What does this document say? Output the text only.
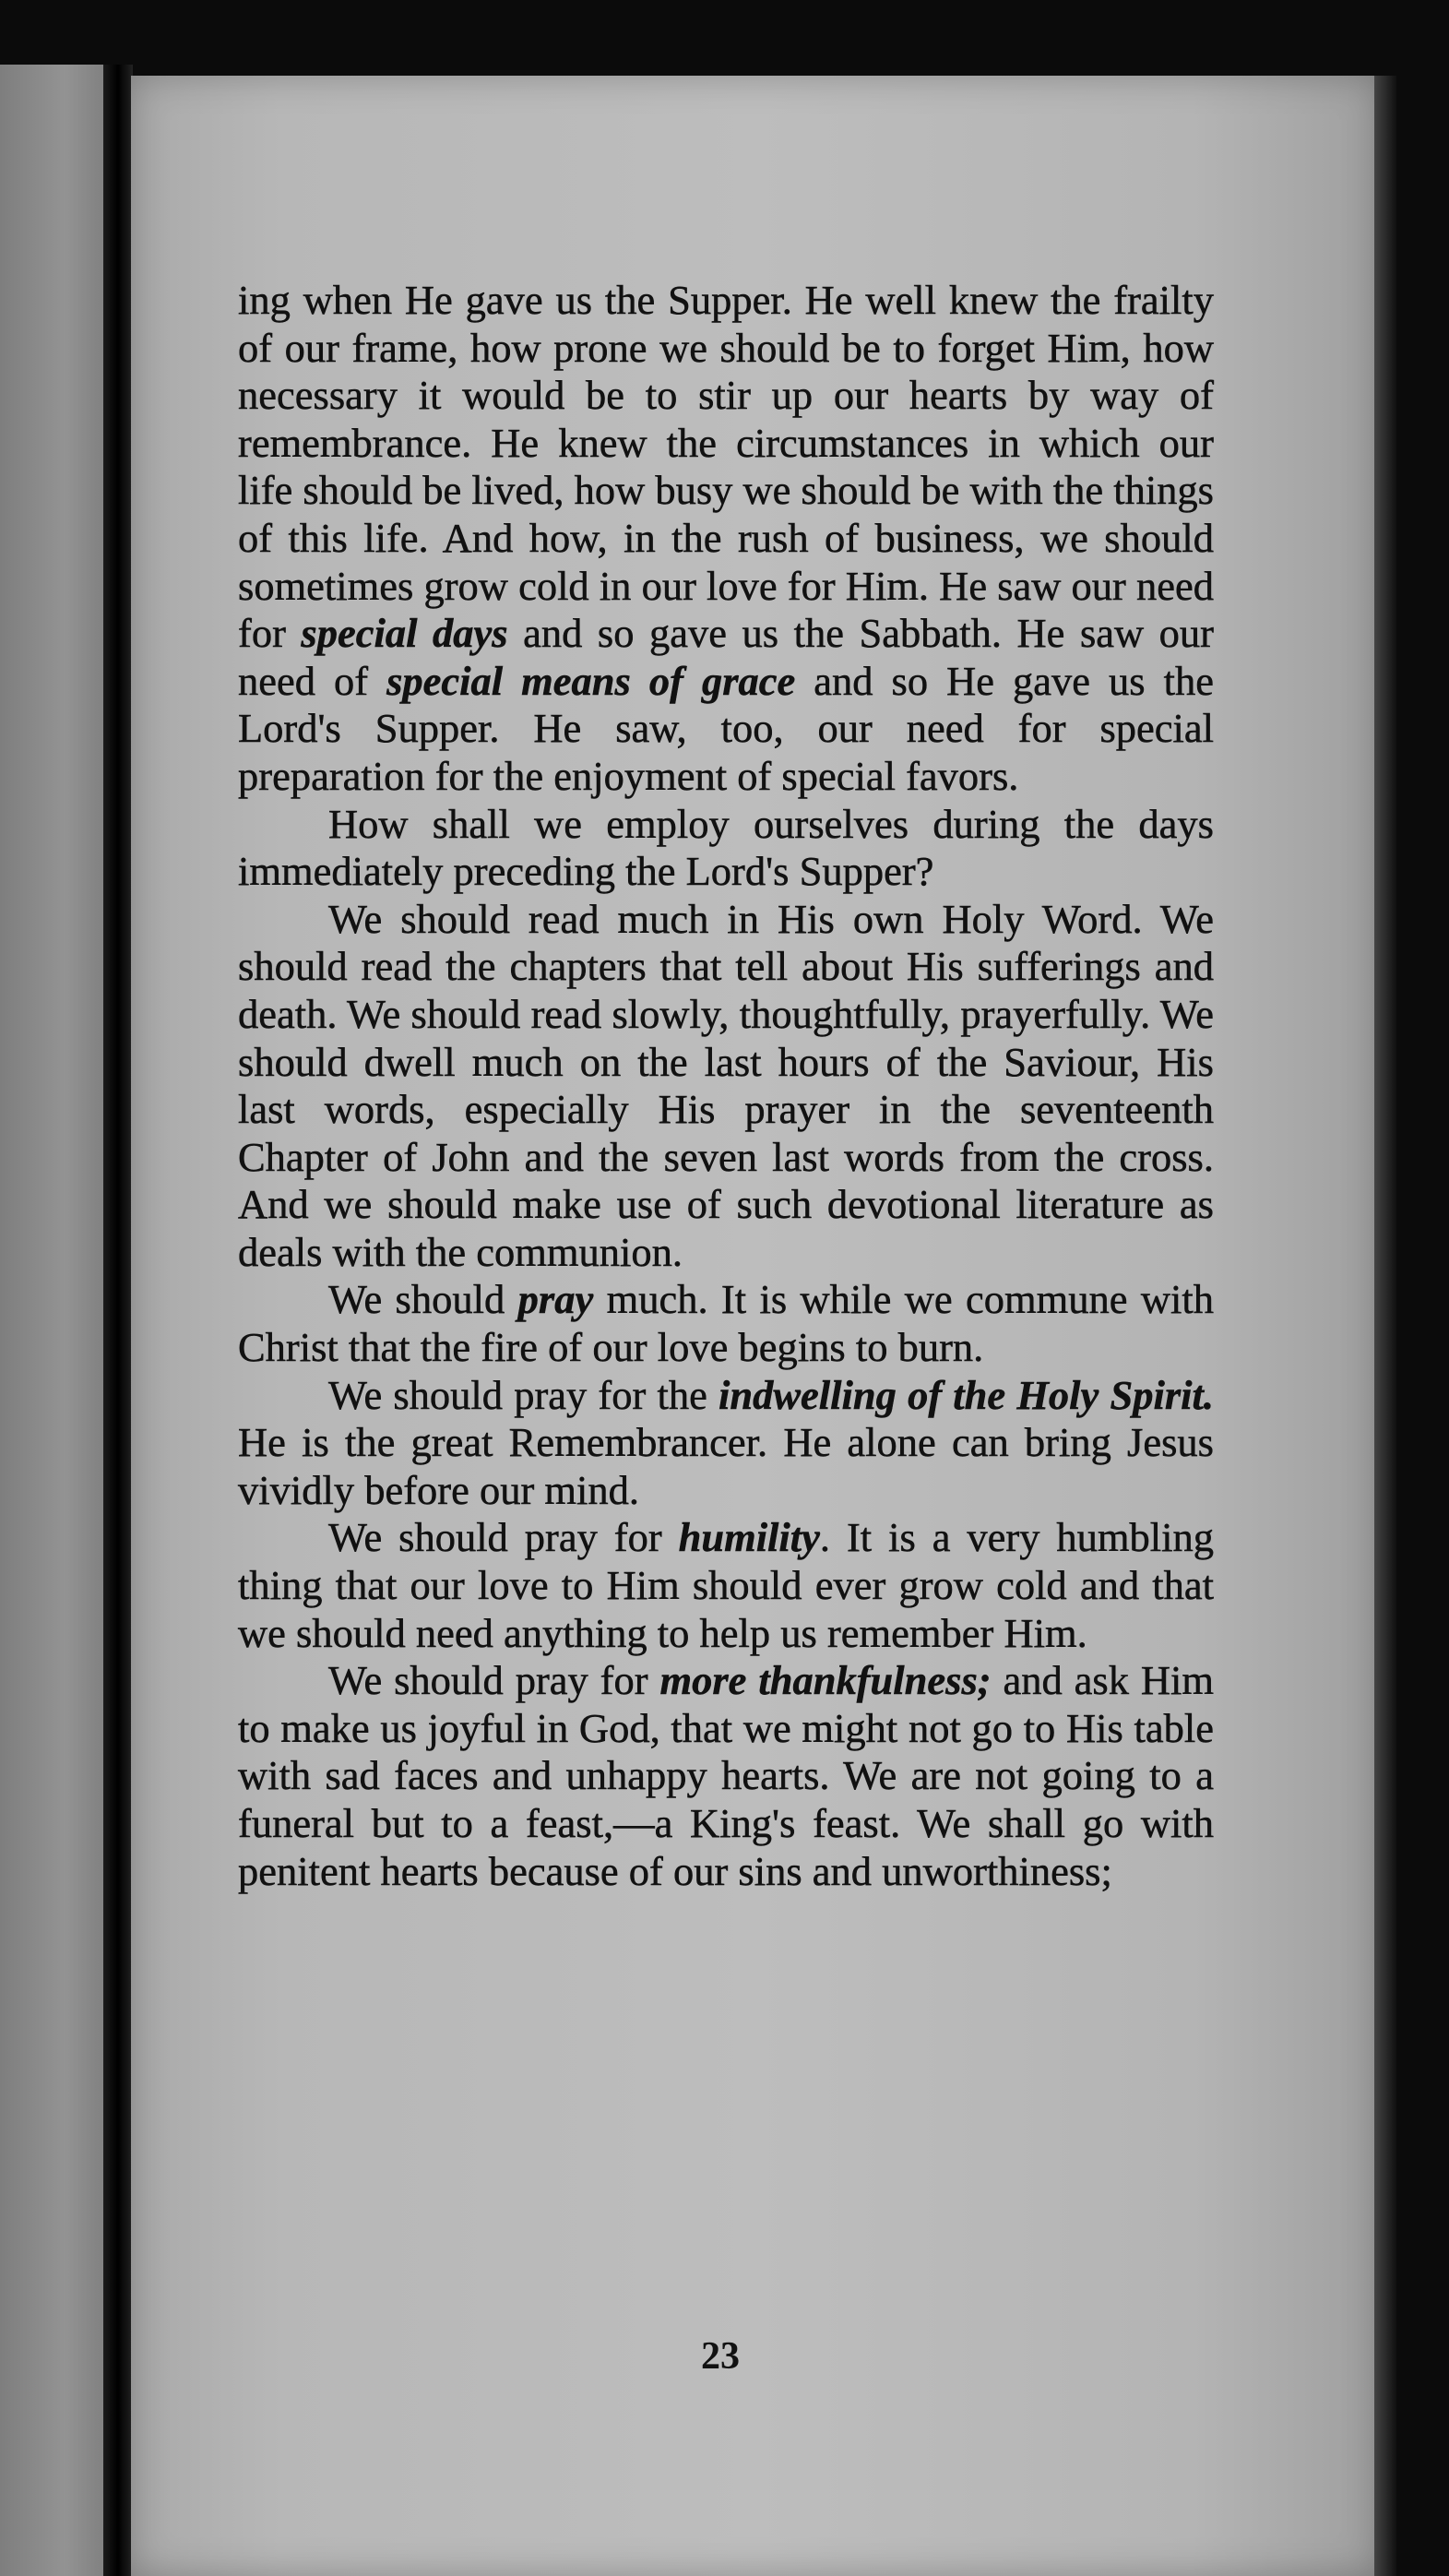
ing when He gave us the Supper. He well knew the frailty of our frame, how prone we should be to forget Him, how necessary it would be to stir up our hearts by way of remembrance. He knew the circumstances in which our life should be lived, how busy we should be with the things of this life. And how, in the rush of business, we should sometimes grow cold in our love for Him. He saw our need for special days and so gave us the Sabbath. He saw our need of special means of grace and so He gave us the Lord's Supper. He saw, too, our need for special preparation for the enjoyment of special favors.

How shall we employ ourselves during the days immediately preceding the Lord's Supper?

We should read much in His own Holy Word. We should read the chapters that tell about His sufferings and death. We should read slowly, thoughtfully, prayerfully. We should dwell much on the last hours of the Saviour, His last words, especially His prayer in the seventeenth Chapter of John and the seven last words from the cross. And we should make use of such devotional literature as deals with the communion.

We should pray much. It is while we commune with Christ that the fire of our love begins to burn.

We should pray for the indwelling of the Holy Spirit. He is the great Remembrancer. He alone can bring Jesus vividly before our mind.

We should pray for humility. It is a very humbling thing that our love to Him should ever grow cold and that we should need anything to help us remember Him.

We should pray for more thankfulness; and ask Him to make us joyful in God, that we might not go to His table with sad faces and unhappy hearts. We are not going to a funeral but to a feast,—a King's feast. We shall go with penitent hearts because of our sins and unworthiness;

23
